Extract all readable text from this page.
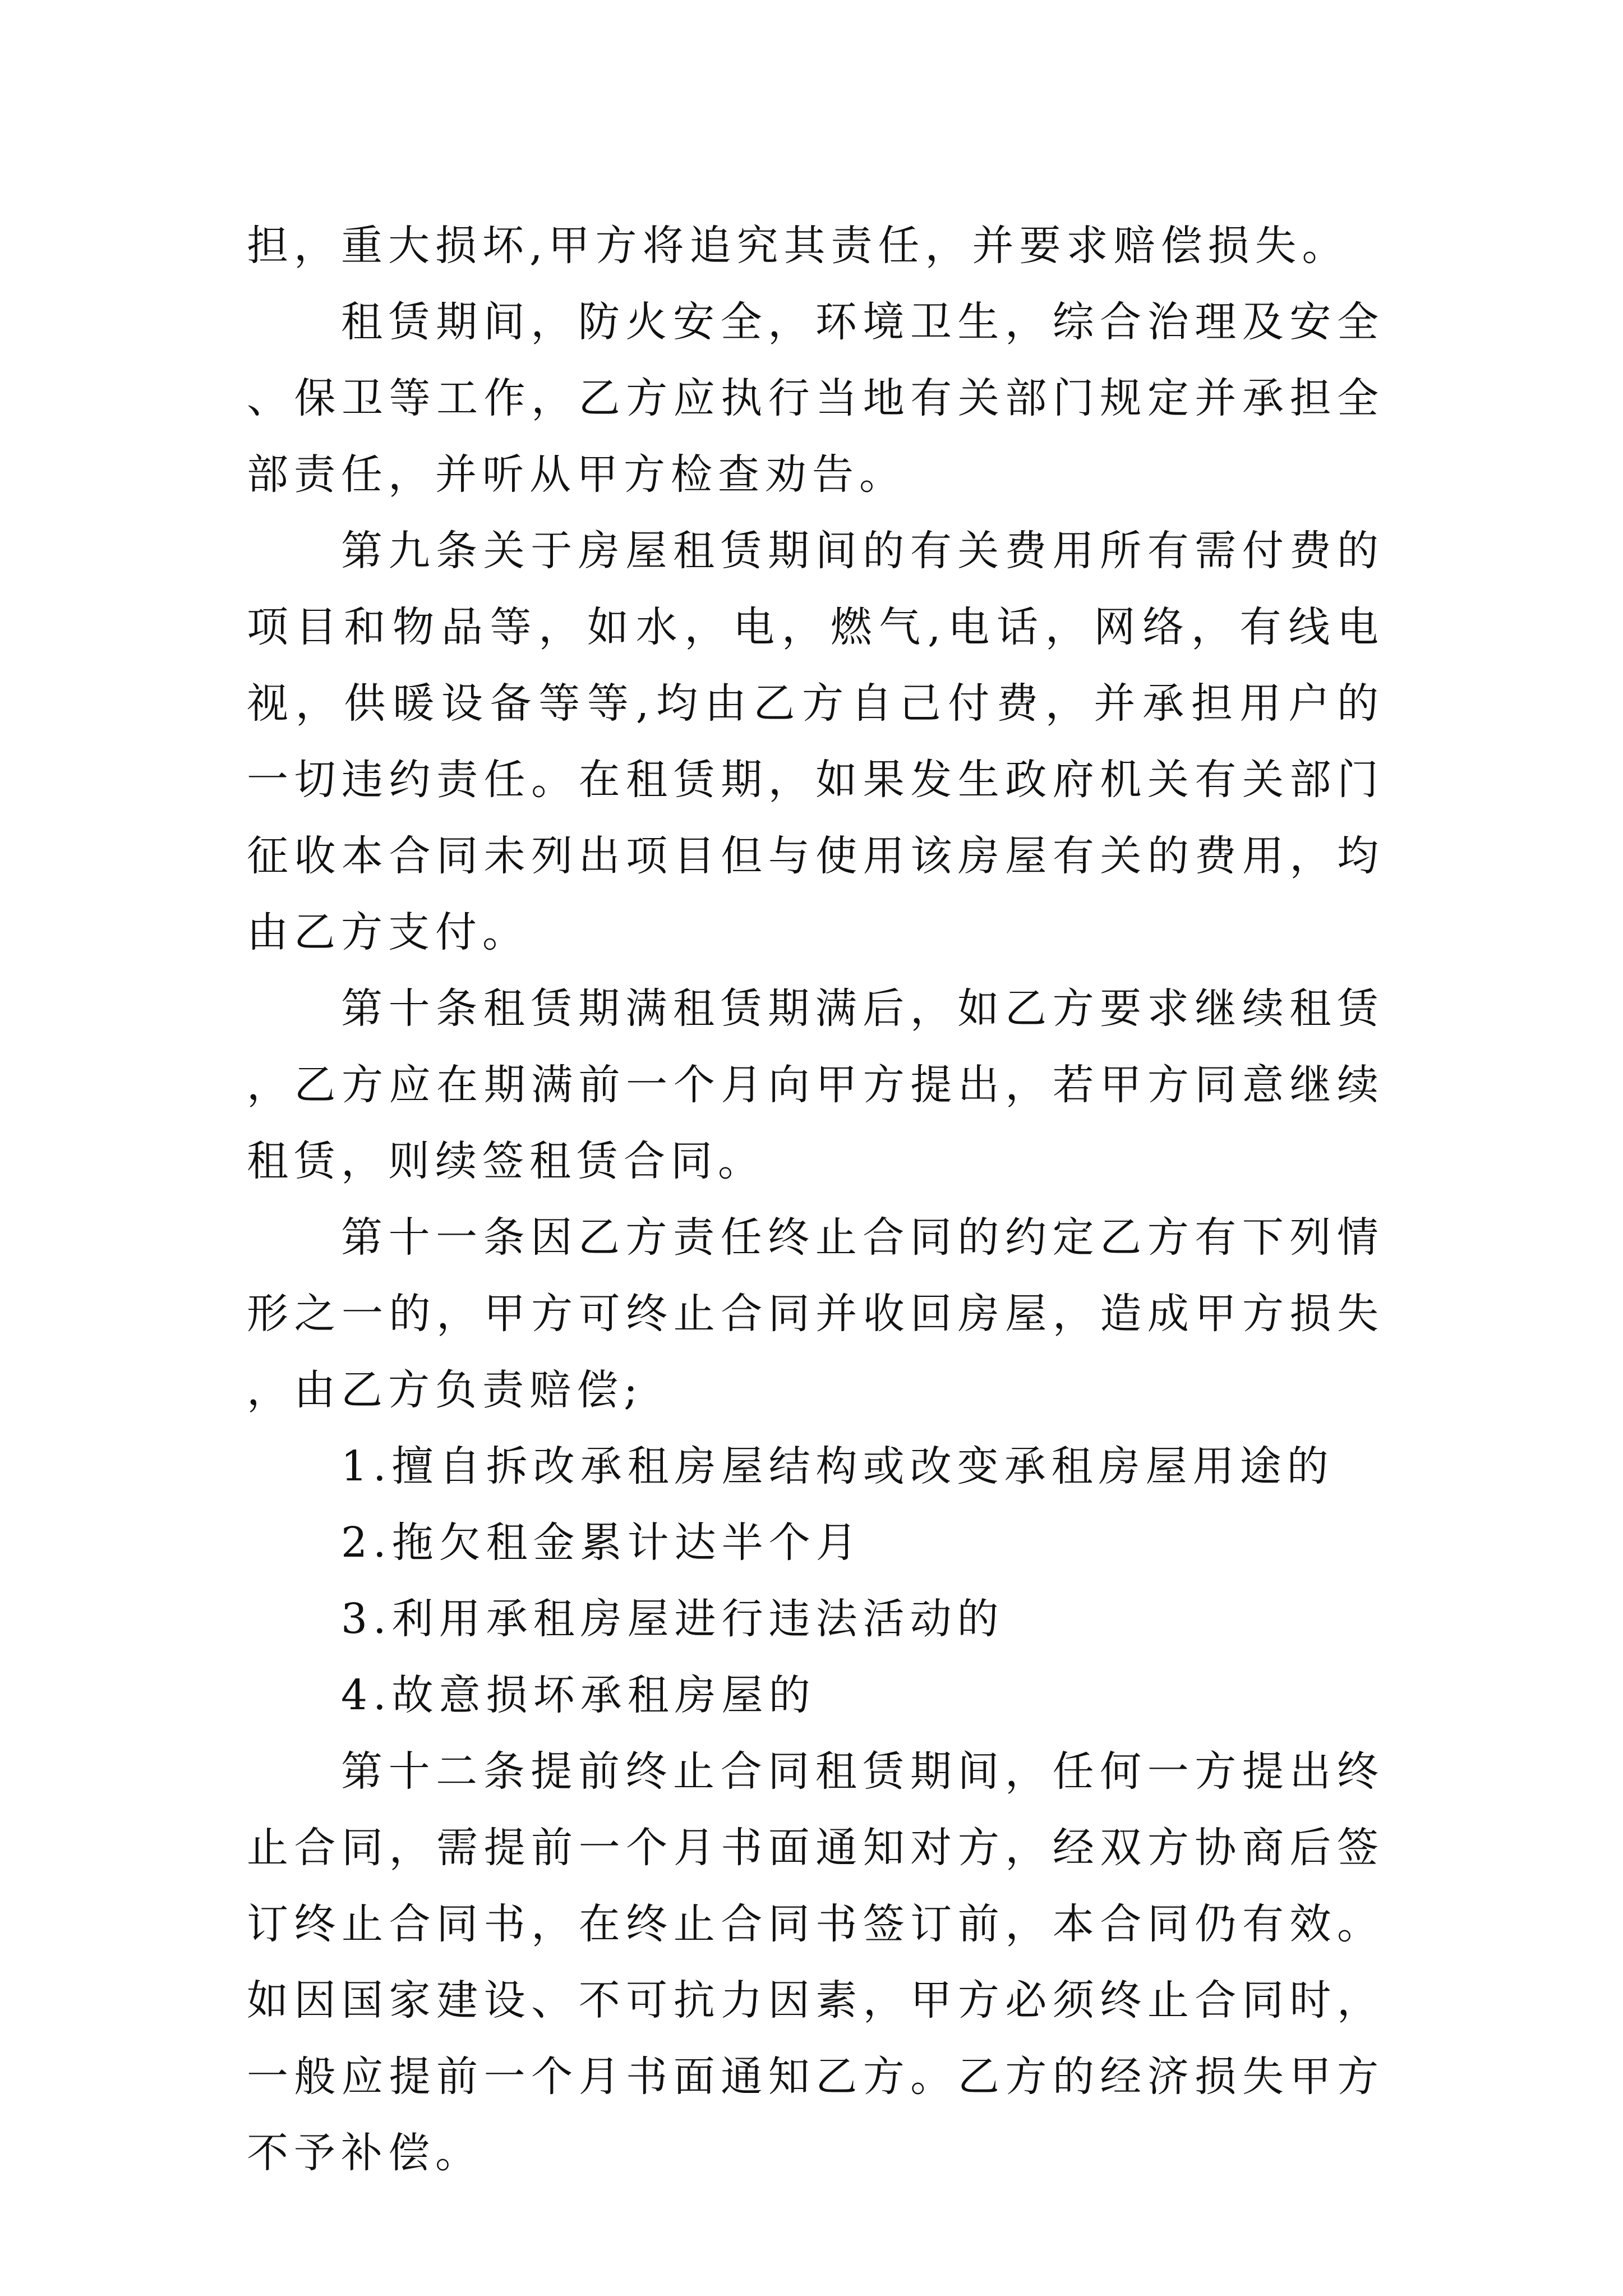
担，重大损坏,甲方将追究其责任，并要求赔偿损失。

租赁期间，防火安全，环境卫生，综合治理及安全、保卫等工作，乙方应执行当地有关部门规定并承担全部责任，并听从甲方检查劝告。

第九条关于房屋租赁期间的有关费用所有需付费的项目和物品等，如水，电，燃气,电话，网络，有线电视，供暖设备等等,均由乙方自己付费，并承担用户的一切违约责任。在租赁期，如果发生政府机关有关部门征收本合同未列出项目但与使用该房屋有关的费用，均由乙方支付。

第十条租赁期满租赁期满后，如乙方要求继续租赁，乙方应在期满前一个月向甲方提出，若甲方同意继续租赁，则续签租赁合同。

第十一条因乙方责任终止合同的约定乙方有下列情形之一的，甲方可终止合同并收回房屋，造成甲方损失，由乙方负责赔偿;

1.擅自拆改承租房屋结构或改变承租房屋用途的

2.拖欠租金累计达半个月

3.利用承租房屋进行违法活动的

4.故意损坏承租房屋的

第十二条提前终止合同租赁期间，任何一方提出终止合同，需提前一个月书面通知对方，经双方协商后签订终止合同书，在终止合同书签订前，本合同仍有效。如因国家建设、不可抗力因素，甲方必须终止合同时，一般应提前一个月书面通知乙方。乙方的经济损失甲方不予补偿。
